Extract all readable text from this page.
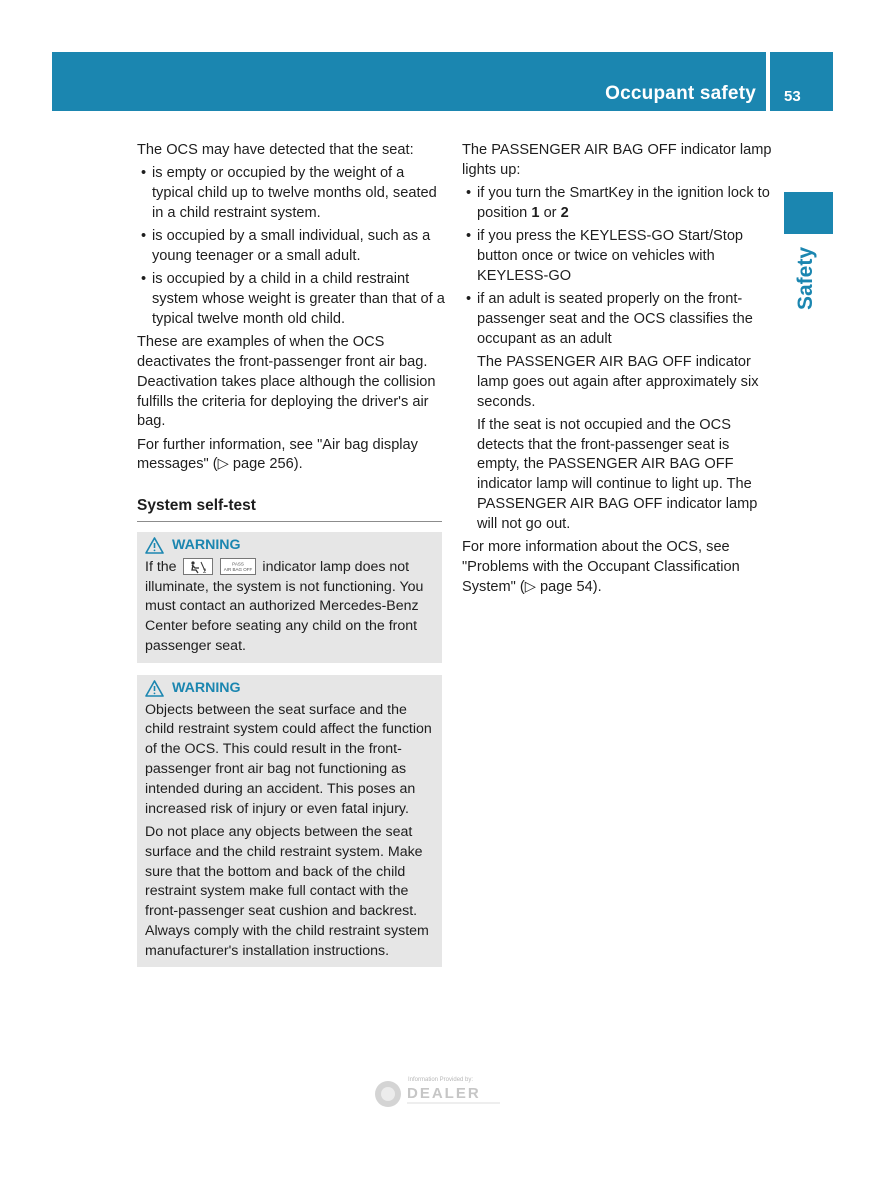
Occupant safety 53
Safety

The OCS may have detected that the seat:

• is empty or occupied by the weight of a typical child up to twelve months old, seated in a child restraint system.
• is occupied by a small individual, such as a young teenager or a small adult.
• is occupied by a child in a child restraint system whose weight is greater than that of a typical twelve month old child.

These are examples of when the OCS deactivates the front-passenger front air bag. Deactivation takes place although the collision fulfills the criteria for deploying the driver's air bag.

For further information, see "Air bag display messages" (▷ page 256).

System self-test
WARNING
If the	2

PASS
AIR BAG OFF indicator lamp does not illuminate, the system is not functioning. You must contact an authorized Mercedes-Benz Center before seating any child on the front passenger seat.
WARNING

Objects between the seat surface and the child restraint system could affect the function of the OCS. This could result in the front-passenger front air bag not functioning as intended during an accident. This poses an increased risk of injury or even fatal injury.

Do not place any objects between the seat surface and the child restraint system. Make sure that the bottom and back of the child restraint system make full contact with the front-passenger seat cushion and backrest. Always comply with the child restraint system manufacturer's installation instructions.

The PASSENGER AIR BAG OFF indicator lamp lights up:

• if you turn the SmartKey in the ignition lock to position 1 or 2
• if you press the KEYLESS-GO Start/Stop button once or twice on vehicles with KEYLESS-GO
• if an adult is seated properly on the front-passenger seat and the OCS classifies the occupant as an adult
The PASSENGER AIR BAG OFF indicator lamp goes out again after approximately six seconds.
If the seat is not occupied and the OCS detects that the front-passenger seat is empty, the PASSENGER AIR BAG OFF indicator lamp will continue to light up. The PASSENGER AIR BAG OFF indicator lamp will not go out.

For more information about the OCS, see "Problems with the Occupant Classification System" (▷ page 54).

Information Provided by:
DEALER
